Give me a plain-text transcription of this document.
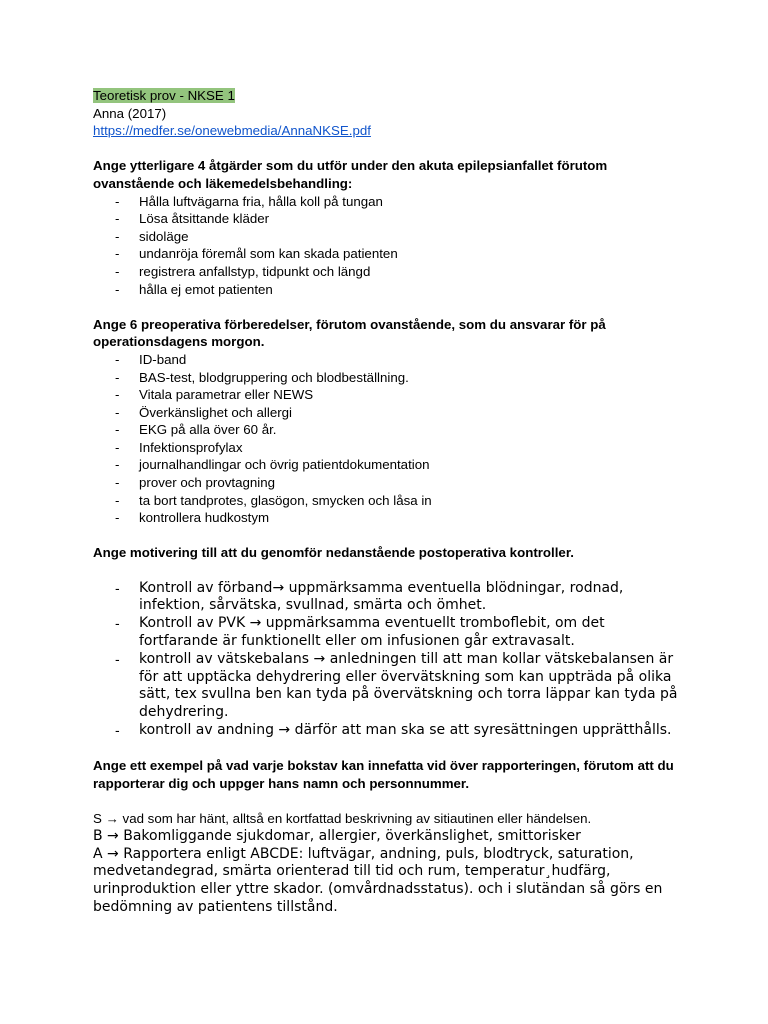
Teoretisk prov - NKSE 1
Anna (2017)
https://medfer.se/onewebmedia/AnnaNKSE.pdf
Ange ytterligare 4 åtgärder som du utför under den akuta epilepsianfallet förutom ovanstående och läkemedelsbehandling:
- Hålla luftvägarna fria, hålla koll på tungan
- Lösa åtsittande kläder
- sidoläge
- undanröja föremål som kan skada patienten
- registrera anfallstyp, tidpunkt och längd
- hålla ej emot patienten
Ange 6 preoperativa förberedelser, förutom ovanstående, som du ansvarar för på operationsdagens morgon.
- ID-band
- BAS-test, blodgruppering och blodbeställning.
- Vitala parametrar eller NEWS
- Överkänslighet och allergi
- EKG på alla över 60 år.
- Infektionsprofylax
- journalhandlingar och övrig patientdokumentation
- prover och provtagning
- ta bort tandprotes, glasögon, smycken och låsa in
- kontrollera hudkostym
Ange motivering till att du genomför nedanstående postoperativa kontroller.
- Kontroll av förband→ uppmärksamma eventuella blödningar, rodnad, infektion, sårvätska, svullnad, smärta och ömhet.
- Kontroll av PVK → uppmärksamma eventuellt tromboflebit, om det fortfarande är funktionellt eller om infusionen går extravasalt.
- kontroll av vätskebalans → anledningen till att man kollar vätskebalansen är för att upptäcka dehydrering eller övervätskning som kan uppträda på olika sätt, tex svullna ben kan tyda på övervätskning och torra läppar kan tyda på dehydrering.
- kontroll av andning → därför att man ska se att syresättningen upprätthålls.
Ange ett exempel på vad varje bokstav kan innefatta vid över rapporteringen, förutom att du rapporterar dig och uppger hans namn och personnummer.
S → vad som har hänt, alltså en kortfattad beskrivning av sitiautinen eller händelsen.
B → Bakomliggande sjukdomar, allergier, överkänslighet, smittorisker
A → Rapportera enligt ABCDE: luftvägar, andning, puls, blodtryck, saturation, medvetandegrad, smärta orienterad till tid och rum, temperatur¸hudfärg, urinproduktion eller yttre skador. (omvårdnadsstatus). och i slutändan så görs en bedömning av patientens tillstånd.
